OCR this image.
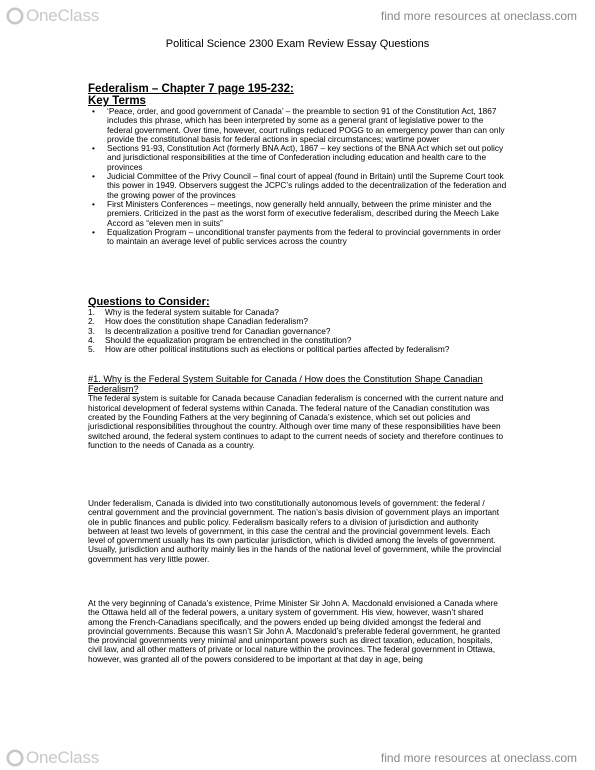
OneClass	find more resources at oneclass.com
Political Science 2300 Exam Review Essay Questions
Federalism – Chapter 7 page 195-232:
Key Terms
• ‘Peace, order, and good government of Canada’ – the preamble to section 91 of the Constitution Act, 1867 includes this phrase, which has been interpreted by some as a general grant of legislative power to the federal government. Over time, however, court rulings reduced POGG to an emergency power than can only provide the constitutional basis for federal actions in special circumstances; wartime power
• Sections 91-93, Constitution Act (formerly BNA Act), 1867 – key sections of the BNA Act which set out policy and jurisdictional responsibilities at the time of Confederation including education and health care to the provinces
• Judicial Committee of the Privy Council – final court of appeal (found in Britain) until the Supreme Court took this power in 1949. Observers suggest the JCPC’s rulings added to the decentralization of the federation and the growing power of the provinces
• First Ministers Conferences – meetings, now generally held annually, between the prime minister and the premiers. Criticized in the past as the worst form of executive federalism, described during the Meech Lake Accord as “eleven men in suits”
• Equalization Program – unconditional transfer payments from the federal to provincial governments in order to maintain an average level of public services across the country
Questions to Consider:
1. Why is the federal system suitable for Canada?
2. How does the constitution shape Canadian federalism?
3. Is decentralization a positive trend for Canadian governance?
4. Should the equalization program be entrenched in the constitution?
5. How are other political institutions such as elections or political parties affected by federalism?
#1. Why is the Federal System Suitable for Canada / How does the Constitution Shape Canadian Federalism?

The federal system is suitable for Canada because Canadian federalism is concerned with the current nature and historical development of federal systems within Canada. The federal nature of the Canadian constitution was created by the Founding Fathers at the very beginning of Canada’s existence, which set out policies and jurisdictional responsibilities throughout the country. Although over time many of these responsibilities have been switched around, the federal system continues to adapt to the current needs of society and therefore continues to function to the needs of Canada as a country.

Under federalism, Canada is divided into two constitutionally autonomous levels of government: the federal / central government and the provincial government. The nation’s basis division of government plays an important ole in public finances and public policy. Federalism basically refers to a division of jurisdiction and authority between at least two levels of government, in this case the central and the provincial government levels. Each level of government usually has its own particular jurisdiction, which is divided among the levels of government. Usually, jurisdiction and authority mainly lies in the hands of the national level of government, while the provincial government has very little power.

At the very beginning of Canada’s existence, Prime Minister Sir John A. Macdonald envisioned a Canada where the Ottawa held all of the federal powers, a unitary system of government. His view, however, wasn’t shared among the French-Canadians specifically, and the powers ended up being divided amongst the federal and provincial governments. Because this wasn’t Sir John A. Macdonald’s preferable federal government, he granted the provincial governments very minimal and unimportant powers such as direct taxation, education, hospitals, civil law, and all other matters of private or local nature within the provinces. The federal government in Ottawa, however, was granted all of the powers considered to be important at that day in age, being

OneClass	find more resources at oneclass.com
